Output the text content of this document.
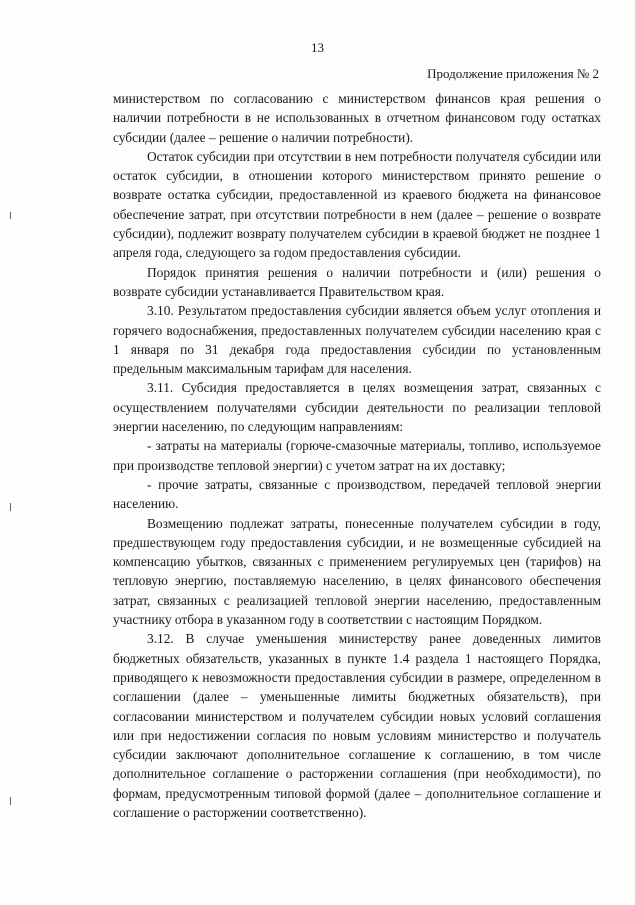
13
Продолжение приложения № 2

министерством по согласованию с министерством финансов края решения о наличии потребности в не использованных в отчетном финансовом году остатках субсидии (далее – решение о наличии потребности).

Остаток субсидии при отсутствии в нем потребности получателя субсидии или остаток субсидии, в отношении которого министерством принято решение о возврате остатка субсидии, предоставленной из краевого бюджета на финансовое обеспечение затрат, при отсутствии потребности в нем (далее – решение о возврате субсидии), подлежит возврату получателем субсидии в краевой бюджет не позднее 1 апреля года, следующего за годом предоставления субсидии.

Порядок принятия решения о наличии потребности и (или) решения о возврате субсидии устанавливается Правительством края.

3.10. Результатом предоставления субсидии является объем услуг отопления и горячего водоснабжения, предоставленных получателем субсидии населению края с 1 января по 31 декабря года предоставления субсидии по установленным предельным максимальным тарифам для населения.

3.11. Субсидия предоставляется в целях возмещения затрат, связанных с осуществлением получателями субсидии деятельности по реализации тепловой энергии населению, по следующим направлениям:

- затраты на материалы (горюче-смазочные материалы, топливо, используемое при производстве тепловой энергии) с учетом затрат на их доставку;

- прочие затраты, связанные с производством, передачей тепловой энергии населению.

Возмещению подлежат затраты, понесенные получателем субсидии в году, предшествующем году предоставления субсидии, и не возмещенные субсидией на компенсацию убытков, связанных с применением регулируемых цен (тарифов) на тепловую энергию, поставляемую населению, в целях финансового обеспечения затрат, связанных с реализацией тепловой энергии населению, предоставленным участнику отбора в указанном году в соответствии с настоящим Порядком.

3.12. В случае уменьшения министерству ранее доведенных лимитов бюджетных обязательств, указанных в пункте 1.4 раздела 1 настоящего Порядка, приводящего к невозможности предоставления субсидии в размере, определенном в соглашении (далее – уменьшенные лимиты бюджетных обязательств), при согласовании министерством и получателем субсидии новых условий соглашения или при недостижении согласия по новым условиям министерство и получатель субсидии заключают дополнительное соглашение к соглашению, в том числе дополнительное соглашение о расторжении соглашения (при необходимости), по формам, предусмотренным типовой формой (далее – дополнительное соглашение и соглашение о расторжении соответственно).
